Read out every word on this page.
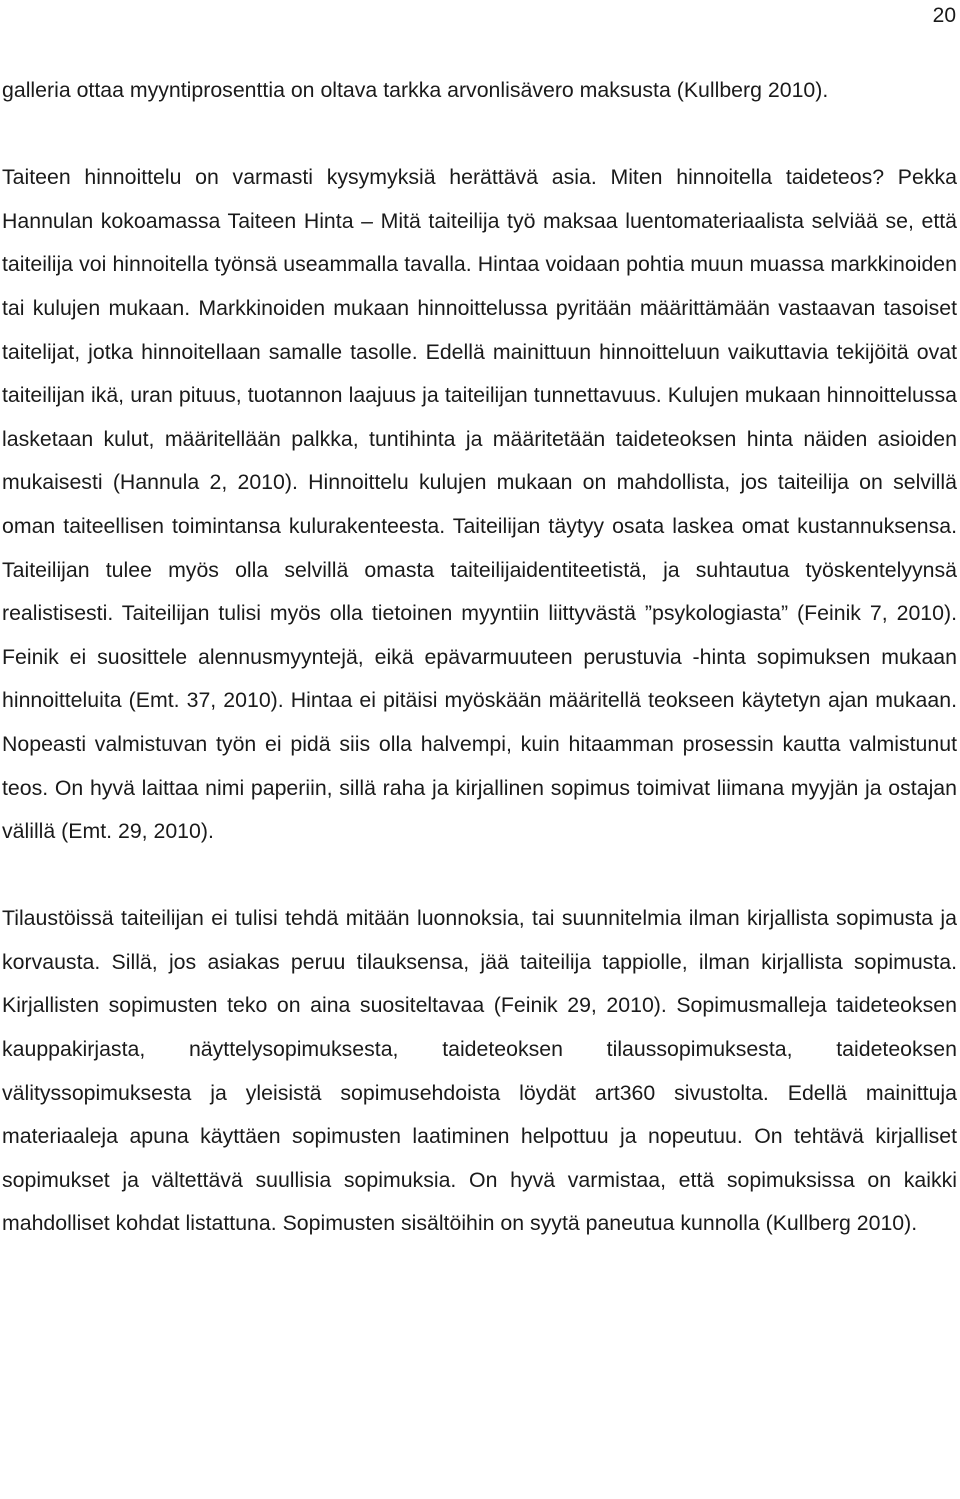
20

galleria ottaa myyntiprosenttia on oltava tarkka arvonlisävero maksusta (Kullberg 2010).

Taiteen hinnoittelu on varmasti kysymyksiä herättävä asia. Miten hinnoitella taideteos? Pekka Hannulan kokoamassa Taiteen Hinta – Mitä taiteilija työ maksaa luentomateriaalista selviää se, että taiteilija voi hinnoitella työnsä useammalla tavalla. Hintaa voidaan pohtia muun muassa markkinoiden tai kulujen mukaan. Markkinoiden mukaan hinnoittelussa pyritään määrittämään vastaavan tasoiset taitelijat, jotka hinnoitellaan samalle tasolle. Edellä mainittuun hinnoitteluun vaikuttavia tekijöitä ovat taiteilijan ikä, uran pituus, tuotannon laajuus ja taiteilijan tunnettavuus. Kulujen mukaan hinnoittelussa lasketaan kulut, määritellään palkka, tuntihinta ja määritetään taideteoksen hinta näiden asioiden mukaisesti (Hannula 2, 2010). Hinnoittelu kulujen mukaan on mahdollista, jos taiteilija on selvillä oman taiteellisen toimintansa kulurakenteesta. Taiteilijan täytyy osata laskea omat kustannuksensa. Taiteilijan tulee myös olla selvillä omasta taiteilijaidentiteetistä, ja suhtautua työskentelyynsä realistisesti. Taiteilijan tulisi myös olla tietoinen myyntiin liittyvästä ”psykologiasta” (Feinik 7, 2010). Feinik ei suosittele alennusmyyntejä, eikä epävarmuuteen perustuvia -hinta sopimuksen mukaan hinnoitteluita (Emt. 37, 2010). Hintaa ei pitäisi myöskään määritellä teokseen käytetyn ajan mukaan. Nopeasti valmistuvan työn ei pidä siis olla halvempi, kuin hitaamman prosessin kautta valmistunut teos. On hyvä laittaa nimi paperiin, sillä raha ja kirjallinen sopimus toimivat liimana myyjän ja ostajan välillä (Emt. 29, 2010).

Tilaustöissä taiteilijan ei tulisi tehdä mitään luonnoksia, tai suunnitelmia ilman kirjallista sopimusta ja korvausta. Sillä, jos asiakas peruu tilauksensa, jää taiteilija tappiolle, ilman kirjallista sopimusta. Kirjallisten sopimusten teko on aina suositeltavaa (Feinik 29, 2010). Sopimusmalleja taideteoksen kauppakirjasta, näyttelysopimuksesta, taideteoksen tilaussopimuksesta, taideteoksen välityssopimuksesta ja yleisistä sopimusehdoista löydät art360 sivustolta. Edellä mainittuja materiaaleja apuna käyttäen sopimusten laatiminen helpottuu ja nopeutuu. On tehtävä kirjalliset sopimukset ja vältettävä suullisia sopimuksia. On hyvä varmistaa, että sopimuksissa on kaikki mahdolliset kohdat listattuna. Sopimusten sisältöihin on syytä paneutua kunnolla (Kullberg 2010).
